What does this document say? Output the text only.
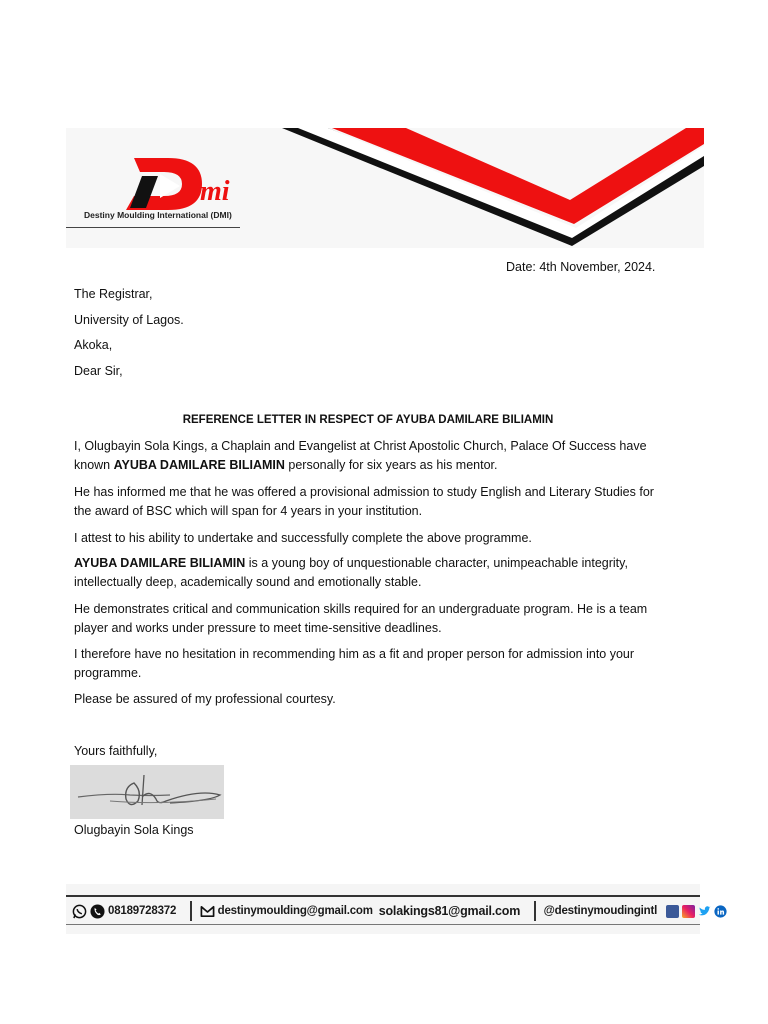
mi
Destiny Moulding International (DMI)
Date: 4th November, 2024.
The Registrar,
University of Lagos.
Akoka,
Dear Sir,
REFERENCE LETTER IN RESPECT OF AYUBA DAMILARE BILIAMIN

I, Olugbayin Sola Kings, a Chaplain and Evangelist at Christ Apostolic Church, Palace Of Success have known AYUBA DAMILARE BILIAMIN personally for six years as his mentor.

He has informed me that he was offered a provisional admission to study English and Literary Studies for the award of BSC which will span for 4 years in your institution.

I attest to his ability to undertake and successfully complete the above programme.

AYUBA DAMILARE BILIAMIN is a young boy of unquestionable character, unimpeachable integrity, intellectually deep, academically sound and emotionally stable.

He demonstrates critical and communication skills required for an undergraduate program. He is a team player and works under pressure to meet time-sensitive deadlines.

I therefore have no hesitation in recommending him as a fit and proper person for admission into your programme.

Please be assured of my professional courtesy.

Yours faithfully,
Olugbayin Sola Kings
08189728372	destinymoulding@gmail.com solakings81@gmail.com @destinymoudingintl
